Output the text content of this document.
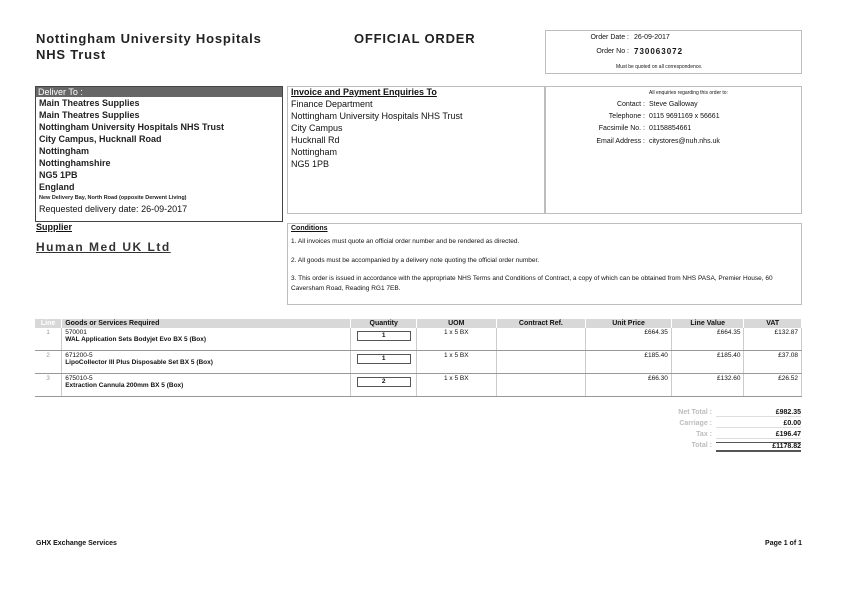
Nottingham University Hospitals
NHS Trust
OFFICIAL ORDER	Order Date : 26-09-2017
Order No : 730063072
Must be quoted on all correspondence.
Deliver To :
Main Theatres Supplies
Main Theatres Supplies
Nottingham University Hospitals NHS Trust
City Campus, Hucknall Road
Nottingham
Nottinghamshire
NG5 1PB
England
New Delivery Bay, North Road (opposite Derwent Living)
Requested delivery date: 26-09-2017
Invoice and Payment Enquiries To
Finance Department
Nottingham University Hospitals NHS Trust
City Campus
Hucknall Rd
Nottingham
NG5 1PB
All enquiries regarding this order to:
Contact : Steve Galloway
Telephone : 0115 9691169 x 56661
Facsimile No. : 01158854661
Email Address : citystores@nuh.nhs.uk
Supplier
Human Med UK Ltd
Conditions
1. All invoices must quote an official order number and be rendered as directed.
2. All goods must be accompanied by a delivery note quoting the official order number.
3. This order is issued in accordance with the appropriate NHS Terms and Conditions of Contract, a copy of which can be obtained from NHS PASA, Premier House, 60 Caversham Road, Reading RG1 7EB.
Line	Goods or Services Required	Quantity	UOM	Contract Ref.	Unit Price	Line Value	VAT
1	570001
WAL Application Sets Bodyjet Evo BX 5 (Box)	1	1 x 5 BX		£664.35	£664.35	£132.87
2	671200-5
LipoCollector III Plus Disposable Set BX 5 (Box)	1	1 x 5 BX		£185.40	£185.40	£37.08
3	675010-5
Extraction Cannula 200mm BX 5 (Box)	2	1 x 5 BX		£66.30	£132.60	£26.52
Net Total :	£982.35
Carriage :	£0.00
Tax :	£196.47
Total :	£1178.82
GHX Exchange Services	Page 1 of 1
